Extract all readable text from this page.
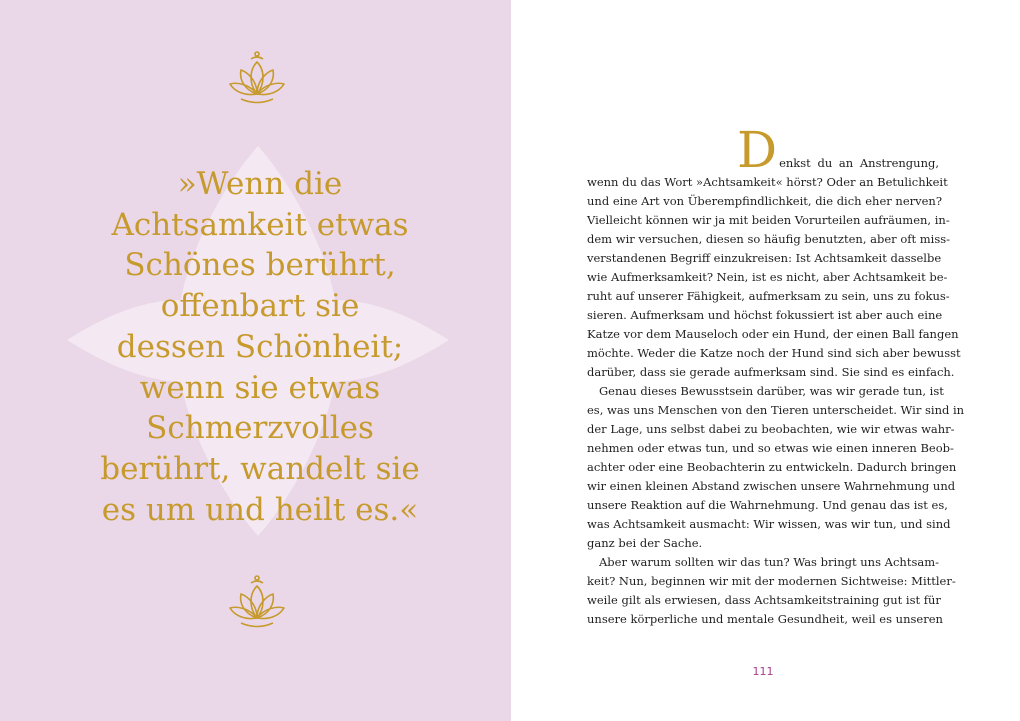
»Wenn die
Achtsamkeit etwas
Schönes berührt,
offenbart sie
dessen Schönheit;
wenn sie etwas
Schmerzvolles
berührt, wandelt sie
es um und heilt es.«
D enkst du an Anstrengung,
wenn du das Wort »Achtsamkeit« hörst? Oder an Betulichkeit
und eine Art von Überempfindlichkeit, die dich eher nerven?
Vielleicht können wir ja mit beiden Vorurteilen aufräumen, in-
dem wir versuchen, diesen so häufig benutzten, aber oft miss-
verstandenen Begriff einzukreisen: Ist Achtsamkeit dasselbe
wie Aufmerksamkeit? Nein, ist es nicht, aber Achtsamkeit be-
ruht auf unserer Fähigkeit, aufmerksam zu sein, uns zu fokus-
sieren. Aufmerksam und höchst fokussiert ist aber auch eine
Katze vor dem Mauseloch oder ein Hund, der einen Ball fangen
möchte. Weder die Katze noch der Hund sind sich aber bewusst
darüber, dass sie gerade aufmerksam sind. Sie sind es einfach.
Genau dieses Bewusstsein darüber, was wir gerade tun, ist
es, was uns Menschen von den Tieren unterscheidet. Wir sind in
der Lage, uns selbst dabei zu beobachten, wie wir etwas wahr-
nehmen oder etwas tun, und so etwas wie einen inneren Beob-
achter oder eine Beobachterin zu entwickeln. Dadurch bringen
wir einen kleinen Abstand zwischen unsere Wahrnehmung und
unsere Reaktion auf die Wahrnehmung. Und genau das ist es,
was Achtsamkeit ausmacht: Wir wissen, was wir tun, und sind
ganz bei der Sache.
Aber warum sollten wir das tun? Was bringt uns Achtsam-
keit? Nun, beginnen wir mit der modernen Sichtweise: Mittler-
weile gilt als erwiesen, dass Achtsamkeitstraining gut ist für
unsere körperliche und mentale Gesundheit, weil es unseren
111
